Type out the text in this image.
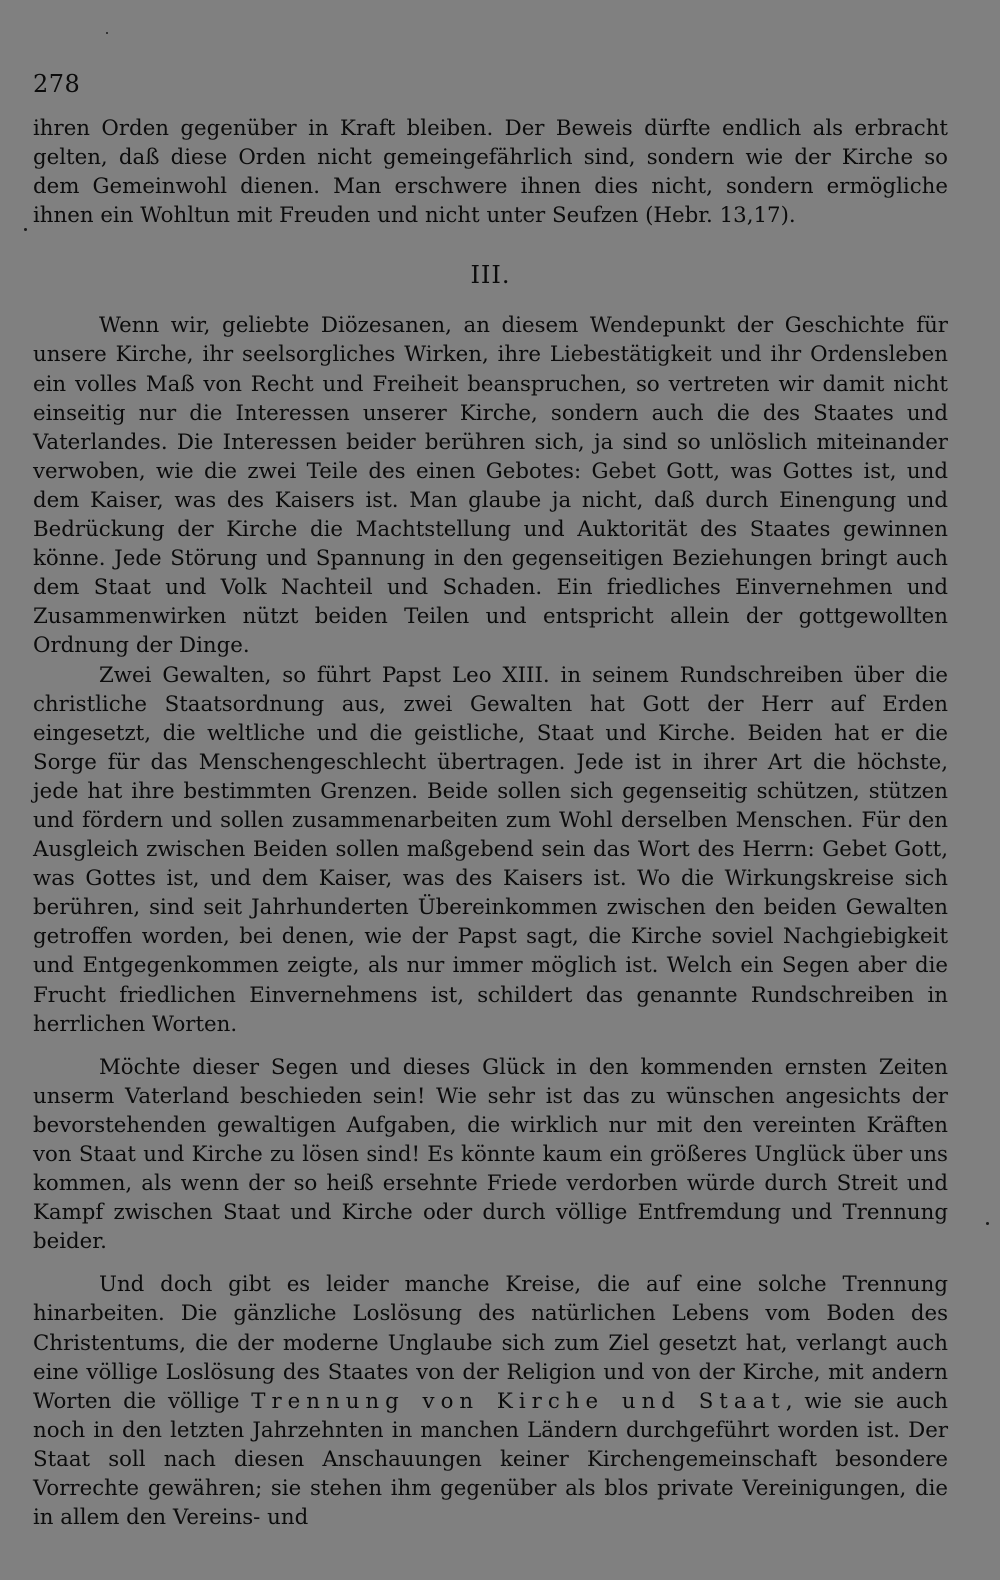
278

ihren Orden gegenüber in Kraft bleiben. Der Beweis dürfte endlich als erbracht gelten, daß diese Orden nicht gemeingefährlich sind, sondern wie der Kirche so dem Gemeinwohl dienen. Man erschwere ihnen dies nicht, sondern ermögliche ihnen ein Wohltun mit Freuden und nicht unter Seufzen (Hebr. 13,17).

III.

Wenn wir, geliebte Diözesanen, an diesem Wendepunkt der Geschichte für unsere Kirche, ihr seelsorgliches Wirken, ihre Liebestätigkeit und ihr Ordensleben ein volles Maß von Recht und Freiheit beanspruchen, so vertreten wir damit nicht einseitig nur die Interessen unserer Kirche, sondern auch die des Staates und Vaterlandes. Die Interessen beider berühren sich, ja sind so unlöslich miteinander verwoben, wie die zwei Teile des einen Gebotes: Gebet Gott, was Gottes ist, und dem Kaiser, was des Kaisers ist. Man glaube ja nicht, daß durch Einengung und Bedrückung der Kirche die Machtstellung und Auktorität des Staates gewinnen könne. Jede Störung und Spannung in den gegenseitigen Beziehungen bringt auch dem Staat und Volk Nachteil und Schaden. Ein friedliches Einvernehmen und Zusammenwirken nützt beiden Teilen und entspricht allein der gottgewollten Ordnung der Dinge.

Zwei Gewalten, so führt Papst Leo XIII. in seinem Rundschreiben über die christliche Staatsordnung aus, zwei Gewalten hat Gott der Herr auf Erden eingesetzt, die weltliche und die geistliche, Staat und Kirche. Beiden hat er die Sorge für das Menschengeschlecht übertragen. Jede ist in ihrer Art die höchste, jede hat ihre bestimmten Grenzen. Beide sollen sich gegenseitig schützen, stützen und fördern und sollen zusammenarbeiten zum Wohl derselben Menschen. Für den Ausgleich zwischen Beiden sollen maßgebend sein das Wort des Herrn: Gebet Gott, was Gottes ist, und dem Kaiser, was des Kaisers ist. Wo die Wirkungskreise sich berühren, sind seit Jahrhunderten Übereinkommen zwischen den beiden Gewalten getroffen worden, bei denen, wie der Papst sagt, die Kirche soviel Nachgiebigkeit und Entgegenkommen zeigte, als nur immer möglich ist. Welch ein Segen aber die Frucht friedlichen Einvernehmens ist, schildert das genannte Rundschreiben in herrlichen Worten.

Möchte dieser Segen und dieses Glück in den kommenden ernsten Zeiten unserm Vaterland beschieden sein! Wie sehr ist das zu wünschen angesichts der bevorstehenden gewaltigen Aufgaben, die wirklich nur mit den vereinten Kräften von Staat und Kirche zu lösen sind! Es könnte kaum ein größeres Unglück über uns kommen, als wenn der so heiß ersehnte Friede verdorben würde durch Streit und Kampf zwischen Staat und Kirche oder durch völlige Entfremdung und Trennung beider.

Und doch gibt es leider manche Kreise, die auf eine solche Trennung hinarbeiten. Die gänzliche Loslösung des natürlichen Lebens vom Boden des Christentums, die der moderne Unglaube sich zum Ziel gesetzt hat, verlangt auch eine völlige Loslösung des Staates von der Religion und von der Kirche, mit andern Worten die völlige Trennung von Kirche und Staat, wie sie auch noch in den letzten Jahrzehnten in manchen Ländern durchgeführt worden ist. Der Staat soll nach diesen Anschauungen keiner Kirchengemeinschaft besondere Vorrechte gewähren; sie stehen ihm gegenüber als blos private Vereinigungen, die in allem den Vereins- und
